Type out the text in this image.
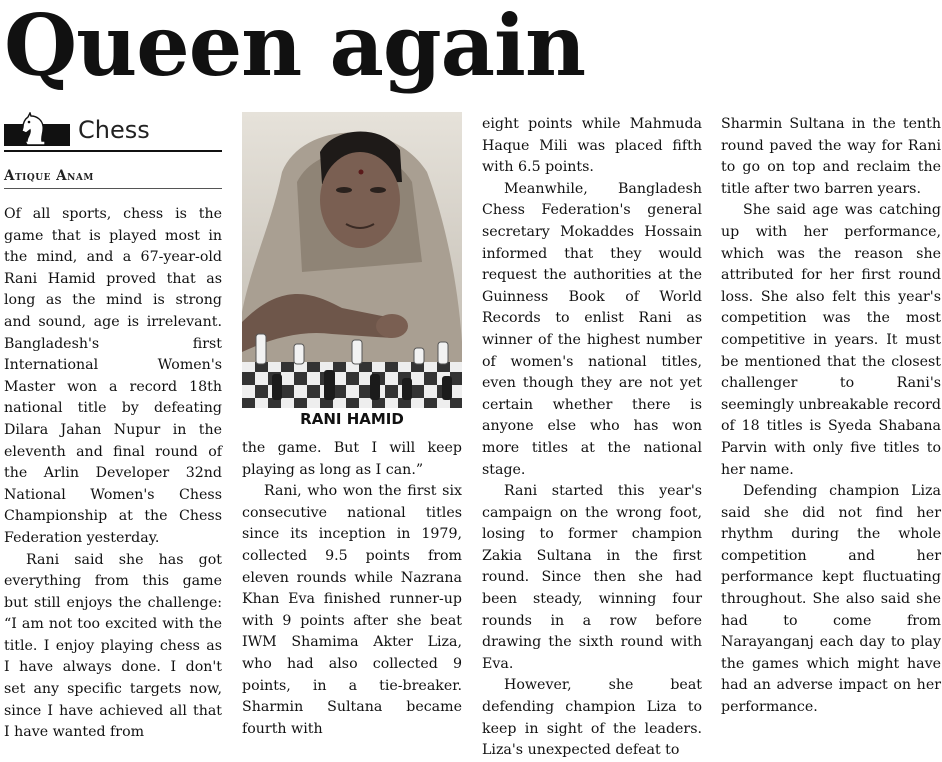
Queen again
Chess
Atique Anam

Of all sports, chess is the game that is played most in the mind, and a 67-year-old Rani Hamid proved that as long as the mind is strong and sound, age is irrelevant. Bangladesh's first International Women's Master won a record 18th national title by defeating Dilara Jahan Nupur in the eleventh and final round of the Arlin Developer 32nd National Women's Chess Championship at the Chess Federation yesterday.

Rani said she has got everything from this game but still enjoys the challenge: “I am not too excited with the title. I enjoy playing chess as I have always done. I don't set any specific targets now, since I have achieved all that I have wanted from

RANI HAMID

the game. But I will keep playing as long as I can.”

Rani, who won the first six consecutive national titles since its inception in 1979, collected 9.5 points from eleven rounds while Nazrana Khan Eva finished runner-up with 9 points after she beat IWM Shamima Akter Liza, who had also collected 9 points, in a tie-breaker. Sharmin Sultana became fourth with

eight points while Mahmuda Haque Mili was placed fifth with 6.5 points.

Meanwhile, Bangladesh Chess Federation's general secretary Mokaddes Hossain informed that they would request the authorities at the Guinness Book of World Records to enlist Rani as winner of the highest number of women's national titles, even though they are not yet certain whether there is anyone else who has won more titles at the national stage.

Rani started this year's campaign on the wrong foot, losing to former champion Zakia Sultana in the first round. Since then she had been steady, winning four rounds in a row before drawing the sixth round with Eva.

However, she beat defending champion Liza to keep in sight of the leaders. Liza's unexpected defeat to

Sharmin Sultana in the tenth round paved the way for Rani to go on top and reclaim the title after two barren years.

She said age was catching up with her performance, which was the reason she attributed for her first round loss. She also felt this year's competition was the most competitive in years. It must be mentioned that the closest challenger to Rani's seemingly unbreakable record of 18 titles is Syeda Shabana Parvin with only five titles to her name.

Defending champion Liza said she did not find her rhythm during the whole competition and her performance kept fluctuating throughout. She also said she had to come from Narayanganj each day to play the games which might have had an adverse impact on her performance.
